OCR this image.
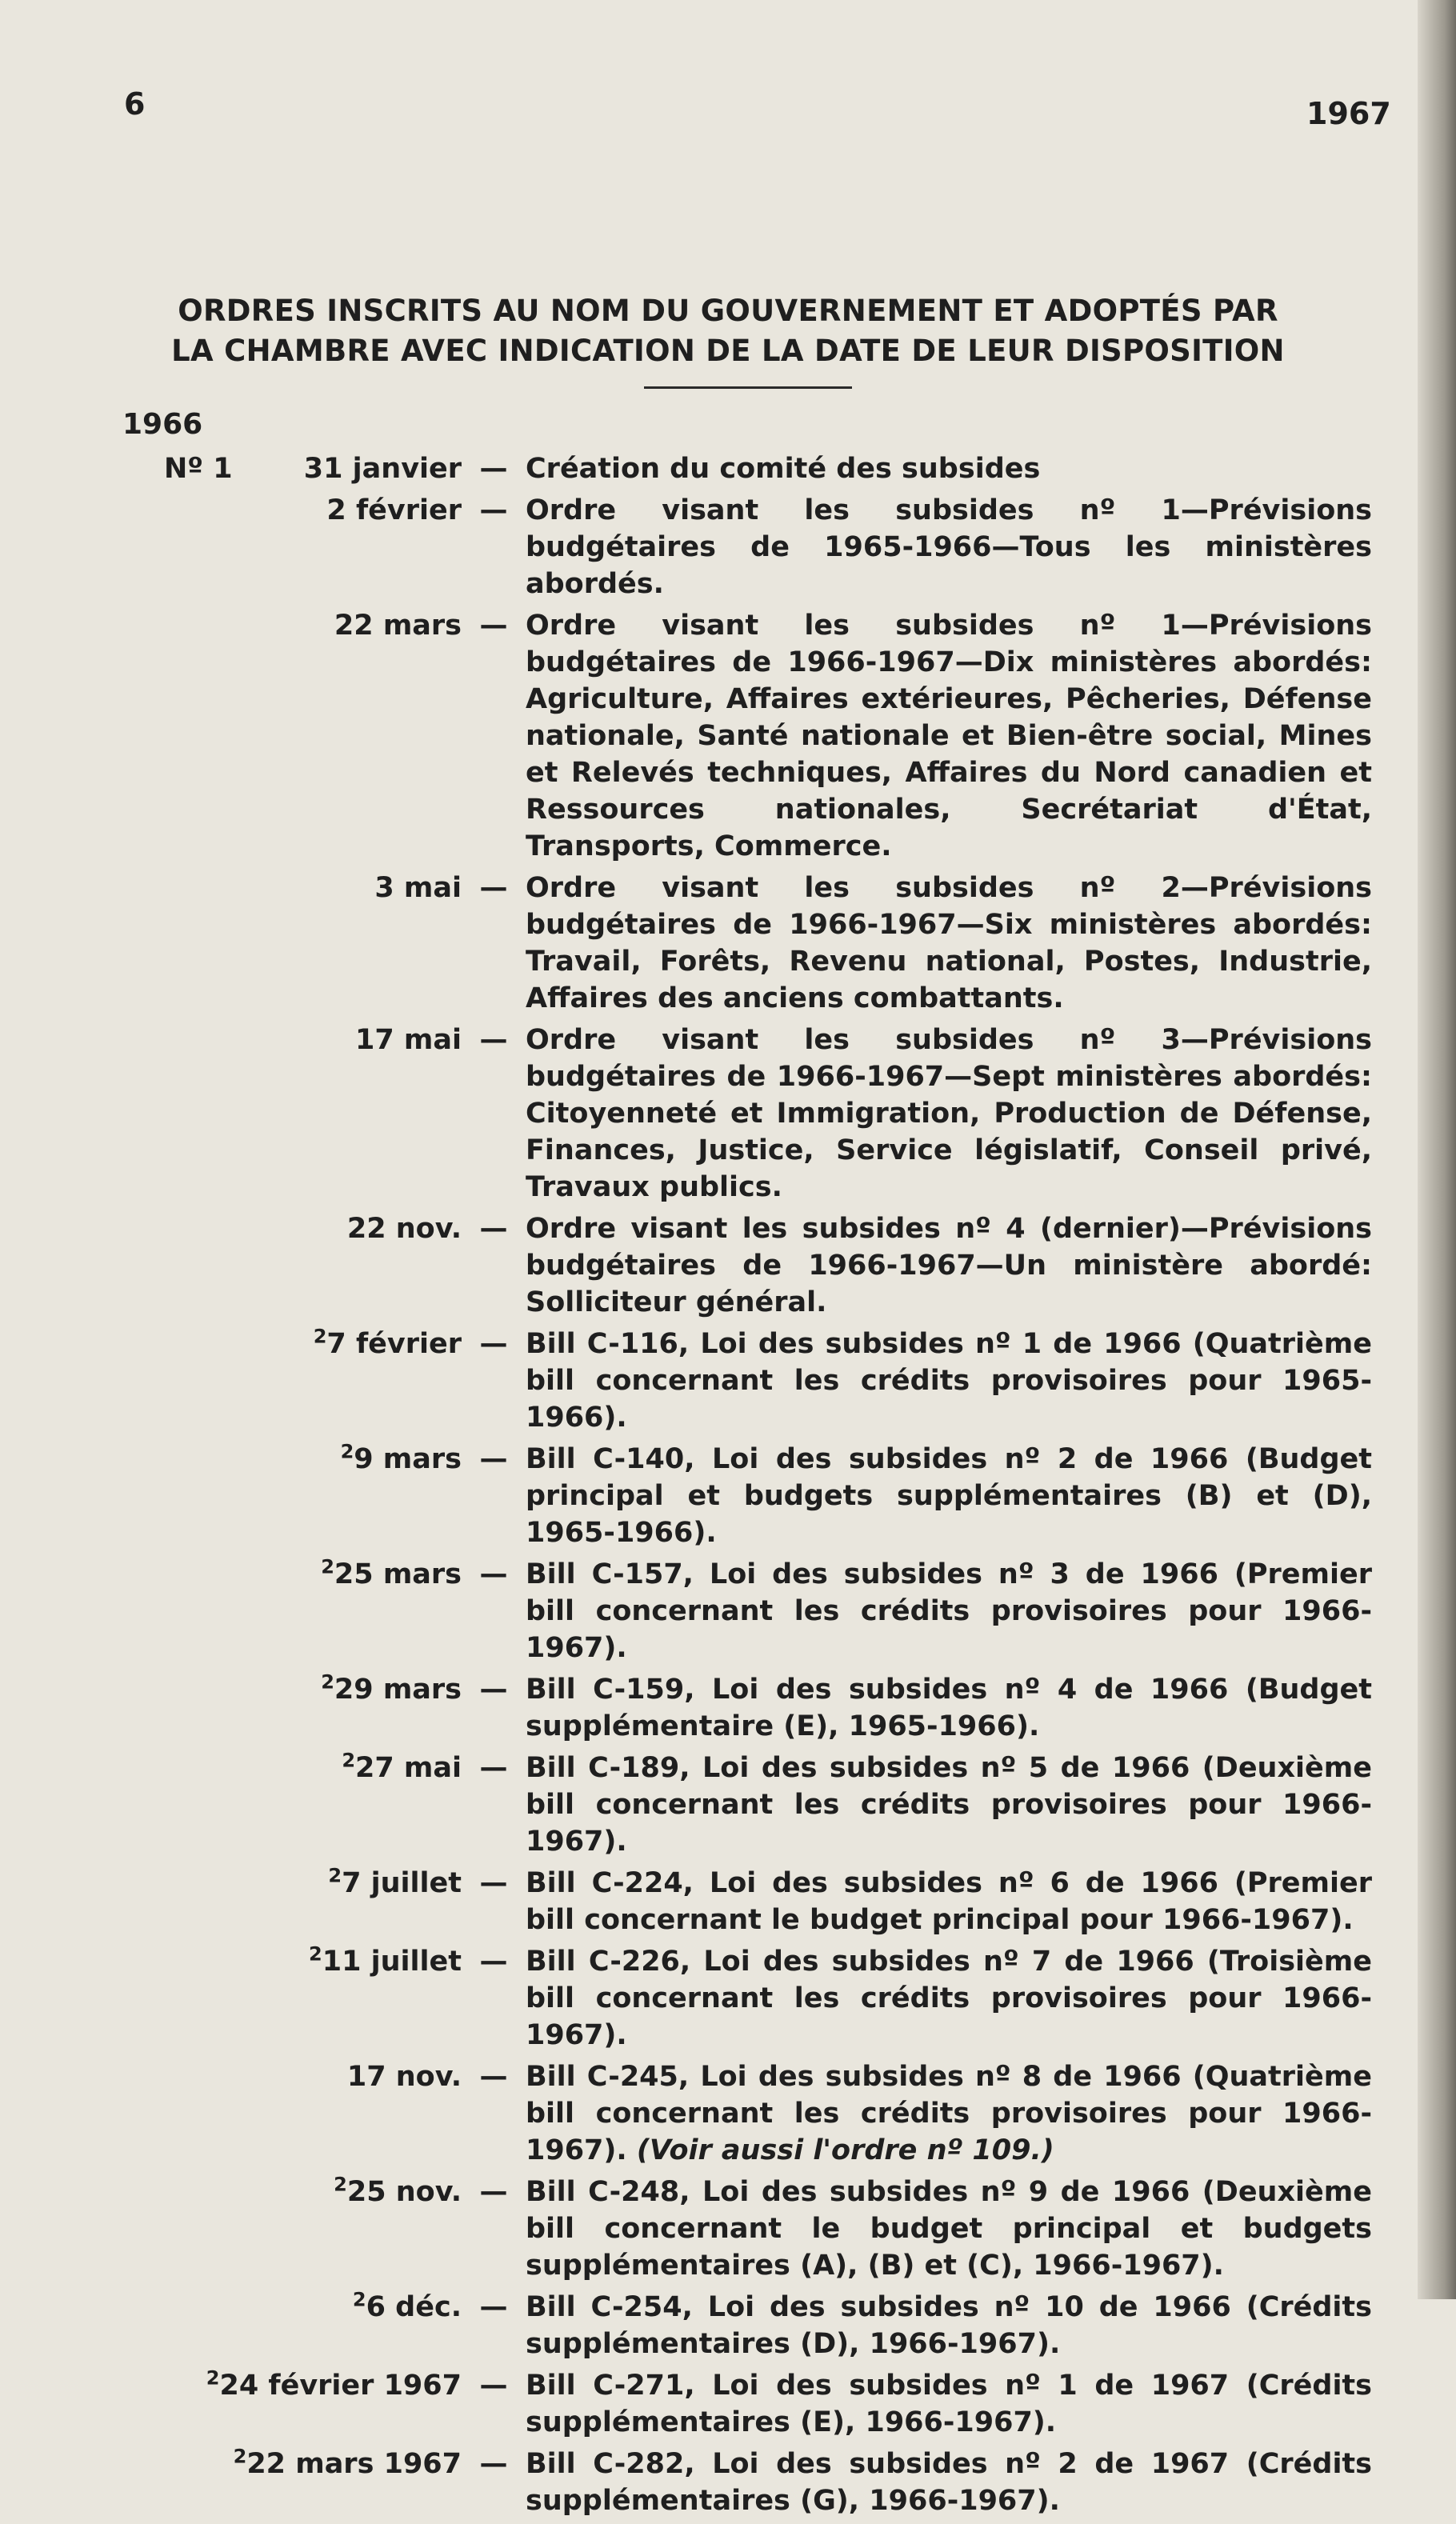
6	1967
ORDRES INSCRITS AU NOM DU GOUVERNEMENT ET ADOPTÉS PAR LA CHAMBRE AVEC INDICATION DE LA DATE DE LEUR DISPOSITION
1966
Nº 1	31 janvier — Création du comité des subsides
2 février — Ordre visant les subsides nº 1—Prévisions budgétaires de 1965-1966—Tous les ministères abordés.
22 mars — Ordre visant les subsides nº 1—Prévisions budgétaires de 1966-1967—Dix ministères abordés: Agriculture, Affaires extérieures, Pêcheries, Défense nationale, Santé nationale et Bien-être social, Mines et Relevés techniques, Affaires du Nord canadien et Ressources nationales, Secrétariat d'État, Transports, Commerce.
3 mai — Ordre visant les subsides nº 2—Prévisions budgétaires de 1966-1967—Six ministères abordés: Travail, Forêts, Revenu national, Postes, Industrie, Affaires des anciens combattants.
17 mai — Ordre visant les subsides nº 3—Prévisions budgétaires de 1966-1967—Sept ministères abordés: Citoyenneté et Immigration, Production de Défense, Finances, Justice, Service législatif, Conseil privé, Travaux publics.
22 nov. — Ordre visant les subsides nº 4 (dernier)—Prévisions budgétaires de 1966-1967—Un ministère abordé: Solliciteur général.
$^2$7 février — Bill C-116, Loi des subsides nº 1 de 1966 (Quatrième bill concernant les crédits provisoires pour 1965-1966).
$^2$9 mars — Bill C-140, Loi des subsides nº 2 de 1966 (Budget principal et budgets supplémentaires (B) et (D), 1965-1966).
$^2$25 mars — Bill C-157, Loi des subsides nº 3 de 1966 (Premier bill concernant les crédits provisoires pour 1966-1967).
$^2$29 mars — Bill C-159, Loi des subsides nº 4 de 1966 (Budget supplémentaire (E), 1965-1966).
$^2$27 mai — Bill C-189, Loi des subsides nº 5 de 1966 (Deuxième bill concernant les crédits provisoires pour 1966-1967).
$^2$7 juillet — Bill C-224, Loi des subsides nº 6 de 1966 (Premier bill concernant le budget principal pour 1966-1967).
$^2$11 juillet — Bill C-226, Loi des subsides nº 7 de 1966 (Troisième bill concernant les crédits provisoires pour 1966-1967).
17 nov. — Bill C-245, Loi des subsides nº 8 de 1966 (Quatrième bill concernant les crédits provisoires pour 1966-1967). (Voir aussi l'ordre nº 109.)
$^2$25 nov. — Bill C-248, Loi des subsides nº 9 de 1966 (Deuxième bill concernant le budget principal et budgets supplémentaires (A), (B) et (C), 1966-1967).
$^2$6 déc. — Bill C-254, Loi des subsides nº 10 de 1966 (Crédits supplémentaires (D), 1966-1967).
$^2$24 février 1967 — Bill C-271, Loi des subsides nº 1 de 1967 (Crédits supplémentaires (E), 1966-1967).
$^2$22 mars 1967 — Bill C-282, Loi des subsides nº 2 de 1967 (Crédits supplémentaires (G), 1966-1967).
